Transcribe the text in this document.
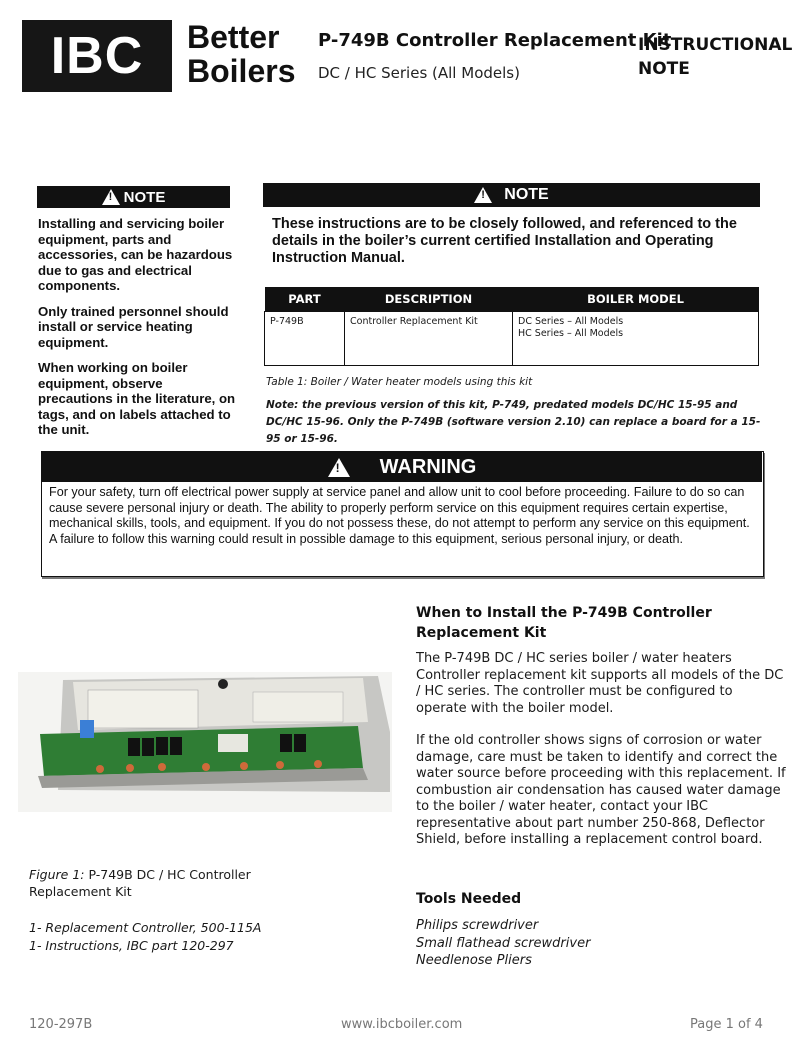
IBC Better
Boilers
P-749B Controller Replacement Kit
DC / HC Series (All Models)
INSTRUCTIONAL
NOTE
!
NOTE

Installing and servicing boiler equipment, parts and accessories, can be hazardous due to gas and electrical components.

Only trained personnel should install or service heating equipment.

When working on boiler equipment, observe precautions in the literature, on tags, and on labels attached to the unit.

!
NOTE
These instructions are to be closely followed, and referenced to the details in the boiler’s current certified Installation and Operating Instruction Manual.
PART	DESCRIPTION	BOILER MODEL
P-749B	Controller Replacement Kit	DC Series – All Models
HC Series – All Models
Table 1: Boiler / Water heater models using this kit
Note: the previous version of this kit, P-749, predated models DC/HC 15-95 and DC/HC 15-96. Only the P-749B (software version 2.10) can replace a board for a 15-95 or 15-96.
!
WARNING
For your safety, turn off electrical power supply at service panel and allow unit to cool before proceeding. Failure to do so can cause severe personal injury or death. The ability to properly perform service on this equipment requires certain expertise, mechanical skills, tools, and equipment. If you do not possess these, do not attempt to perform any service on this equipment. A failure to follow this warning could result in possible damage to this equipment, serious personal injury, or death.
When to Install the P-749B Controller Replacement Kit
The P-749B DC / HC series boiler / water heaters Controller replacement kit supports all models of the DC / HC series. The controller must be configured to operate with the boiler model.
If the old controller shows signs of corrosion or water damage, care must be taken to identify and correct the water source before proceeding with this replacement. If combustion air condensation has caused water damage to the boiler / water heater, contact your IBC representative about part number 250-868, Deflector Shield, before installing a replacement control board.
Figure 1: P-749B DC / HC Controller Replacement Kit
1- Replacement Controller, 500-115A
1- Instructions, IBC part 120-297
Tools Needed
Philips screwdriver
Small flathead screwdriver
Needlenose Pliers
120-297B	www.ibcboiler.com	Page 1 of 4
